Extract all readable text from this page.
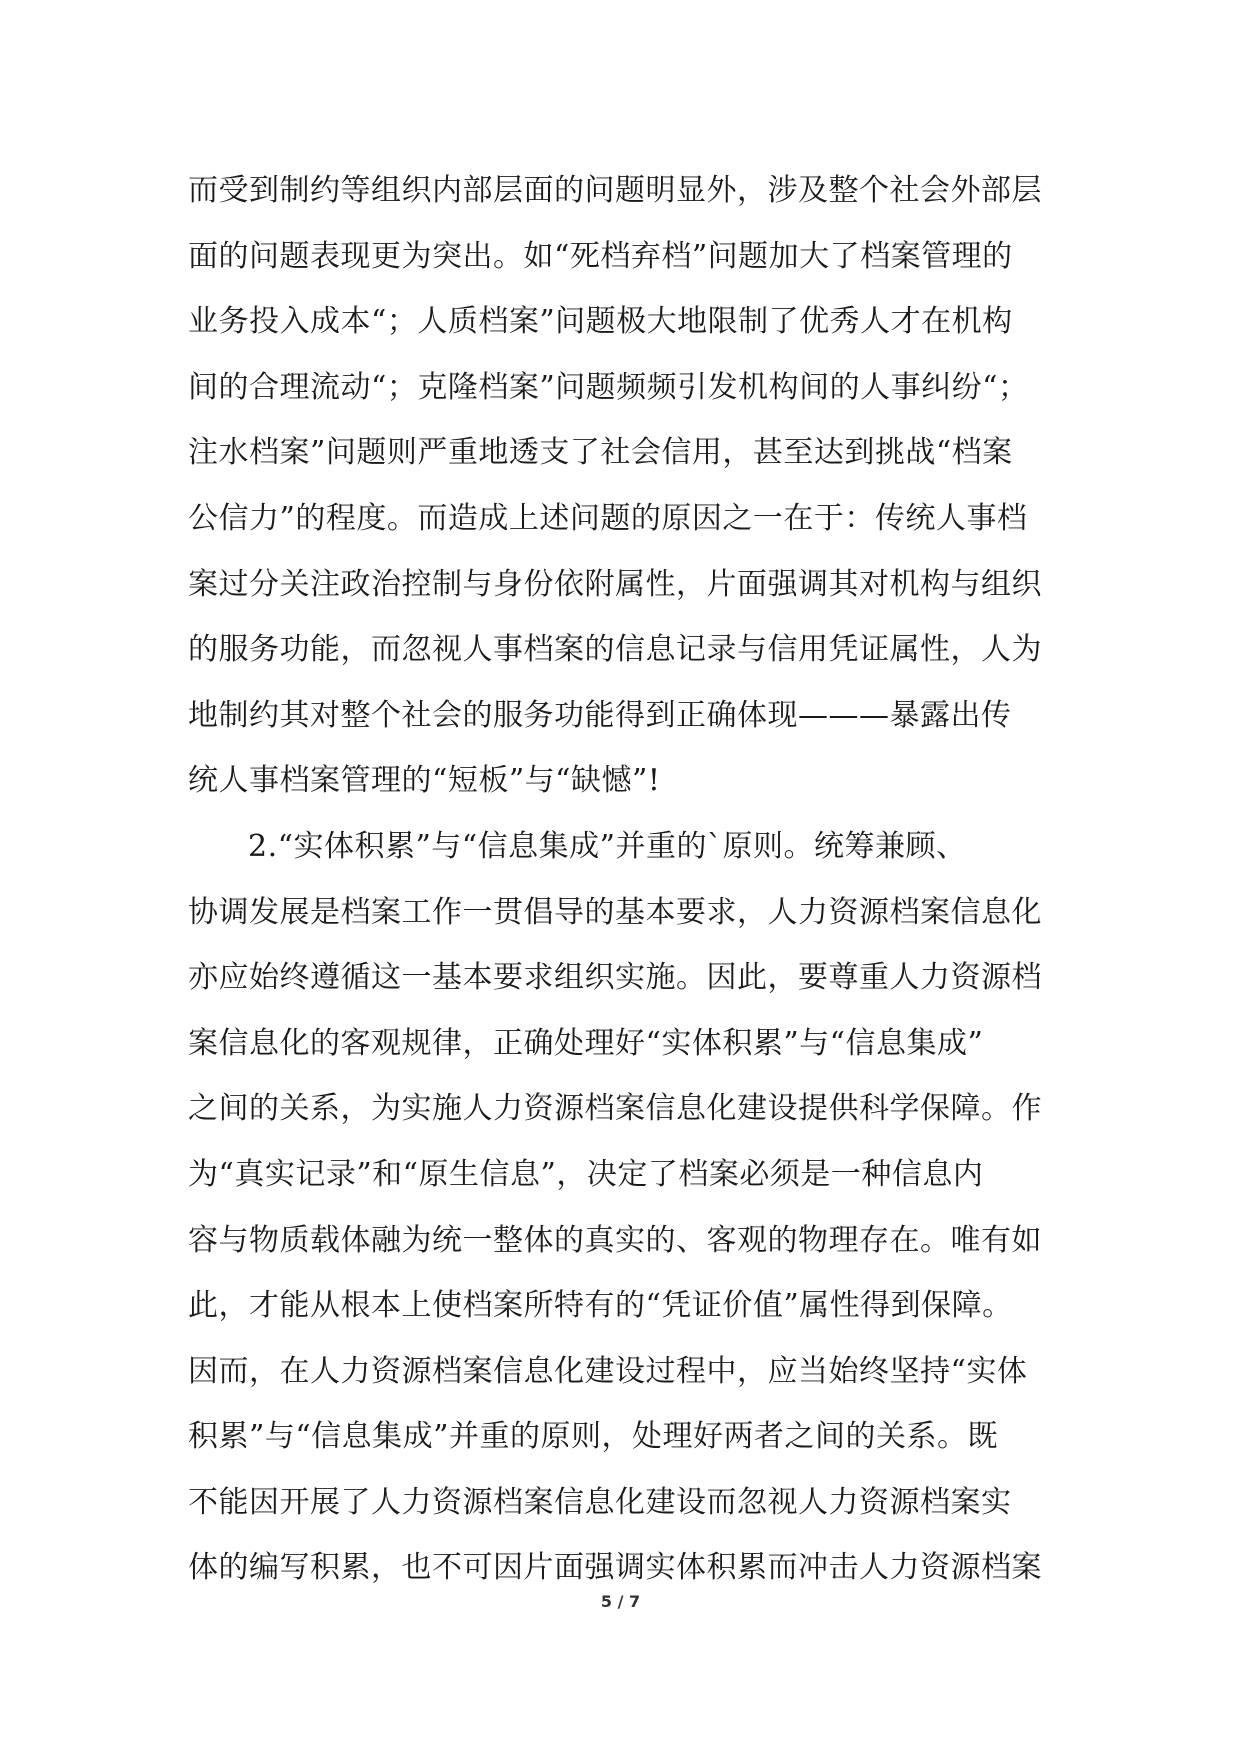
而受到制约等组织内部层面的问题明显外，涉及整个社会外部层
面的问题表现更为突出。如“死档弃档”问题加大了档案管理的
业务投入成本“；人质档案”问题极大地限制了优秀人才在机构
间的合理流动“；克隆档案”问题频频引发机构间的人事纠纷“；
注水档案”问题则严重地透支了社会信用，甚至达到挑战“档案
公信力”的程度。而造成上述问题的原因之一在于：传统人事档
案过分关注政治控制与身份依附属性，片面强调其对机构与组织
的服务功能，而忽视人事档案的信息记录与信用凭证属性，人为
地制约其对整个社会的服务功能得到正确体现———暴露出传
统人事档案管理的“短板”与“缺憾”!
2.“实体积累”与“信息集成”并重的`原则。统筹兼顾、
协调发展是档案工作一贯倡导的基本要求，人力资源档案信息化
亦应始终遵循这一基本要求组织实施。因此，要尊重人力资源档
案信息化的客观规律，正确处理好“实体积累”与“信息集成”
之间的关系，为实施人力资源档案信息化建设提供科学保障。作
为“真实记录”和“原生信息”，决定了档案必须是一种信息内
容与物质载体融为统一整体的真实的、客观的物理存在。唯有如
此，才能从根本上使档案所特有的“凭证价值”属性得到保障。
因而，在人力资源档案信息化建设过程中，应当始终坚持“实体
积累”与“信息集成”并重的原则，处理好两者之间的关系。既
不能因开展了人力资源档案信息化建设而忽视人力资源档案实
体的编写积累，也不可因片面强调实体积累而冲击人力资源档案
5 / 7
